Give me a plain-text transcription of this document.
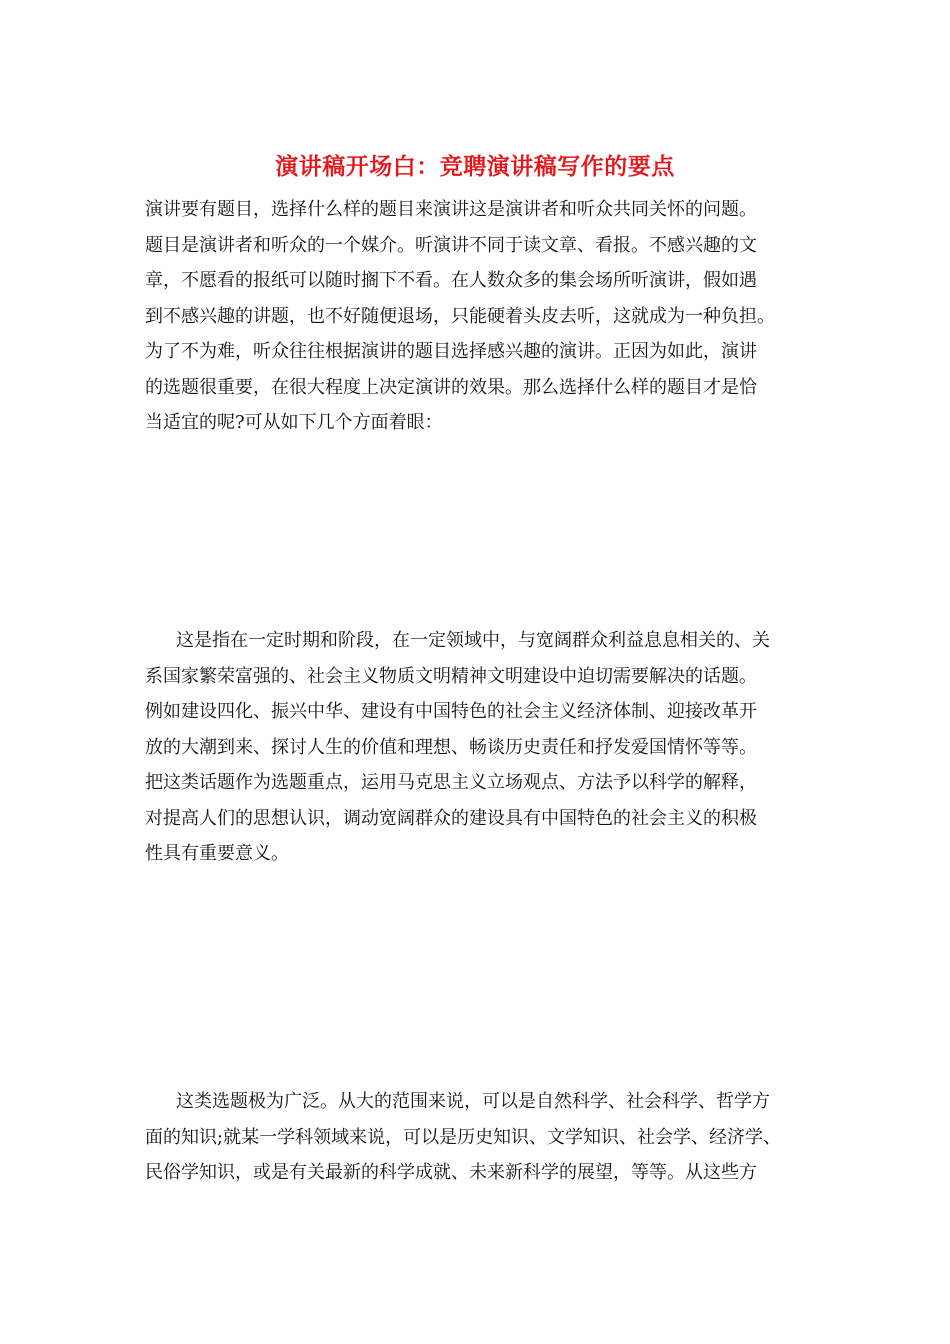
演讲稿开场白：竞聘演讲稿写作的要点
演讲要有题目，选择什么样的题目来演讲这是演讲者和听众共同关怀的问题。
题目是演讲者和听众的一个媒介。听演讲不同于读文章、看报。不感兴趣的文
章，不愿看的报纸可以随时搁下不看。在人数众多的集会场所听演讲，假如遇
到不感兴趣的讲题，也不好随便退场，只能硬着头皮去听，这就成为一种负担。
为了不为难，听众往往根据演讲的题目选择感兴趣的演讲。正因为如此，演讲
的选题很重要，在很大程度上决定演讲的效果。那么选择什么样的题目才是恰
当适宜的呢?可从如下几个方面着眼：
这是指在一定时期和阶段，在一定领域中，与宽阔群众利益息息相关的、关
系国家繁荣富强的、社会主义物质文明精神文明建设中迫切需要解决的话题。
例如建设四化、振兴中华、建设有中国特色的社会主义经济体制、迎接改革开
放的大潮到来、探讨人生的价值和理想、畅谈历史责任和抒发爱国情怀等等。
把这类话题作为选题重点，运用马克思主义立场观点、方法予以科学的解释，
对提高人们的思想认识，调动宽阔群众的建设具有中国特色的社会主义的积极
性具有重要意义。
这类选题极为广泛。从大的范围来说，可以是自然科学、社会科学、哲学方
面的知识;就某一学科领域来说，可以是历史知识、文学知识、社会学、经济学、
民俗学知识，或是有关最新的科学成就、未来新科学的展望，等等。从这些方
